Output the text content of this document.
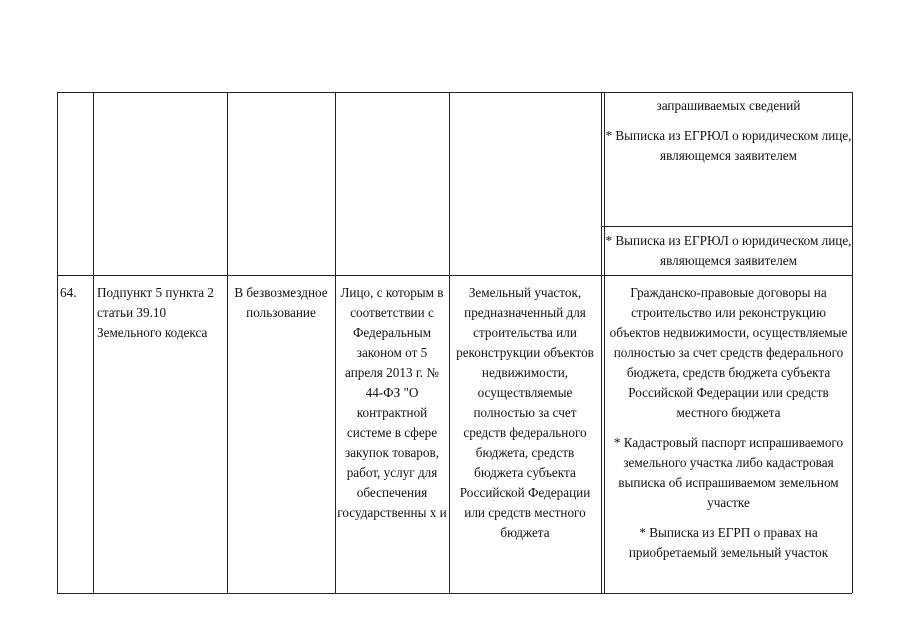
запрашиваемых сведений

* Выписка из ЕГРЮЛ о юридическом лице, являющемся заявителем

* Выписка из ЕГРЮЛ о юридическом лице, являющемся заявителем

64.	Подпункт 5 пункта 2 статьи 39.10 Земельного кодекса
В безвозмездное пользование
Лицо, с которым в соответствии с Федеральным законом от 5 апреля 2013 г. № 44-ФЗ "О контрактной системе в сфере закупок товаров, работ, услуг для обеспечения государственны х и
Земельный участок, предназначенный для строительства или реконструкции объектов недвижимости, осуществляемые полностью за счет средств федерального бюджета, средств бюджета субъекта Российской Федерации или средств местного бюджета

Гражданско-правовые договоры на строительство или реконструкцию объектов недвижимости, осуществляемые полностью за счет средств федерального бюджета, средств бюджета субъекта Российской Федерации или средств местного бюджета

* Кадастровый паспорт испрашиваемого земельного участка либо кадастровая выписка об испрашиваемом земельном участке

* Выписка из ЕГРП о правах на приобретаемый земельный участок
